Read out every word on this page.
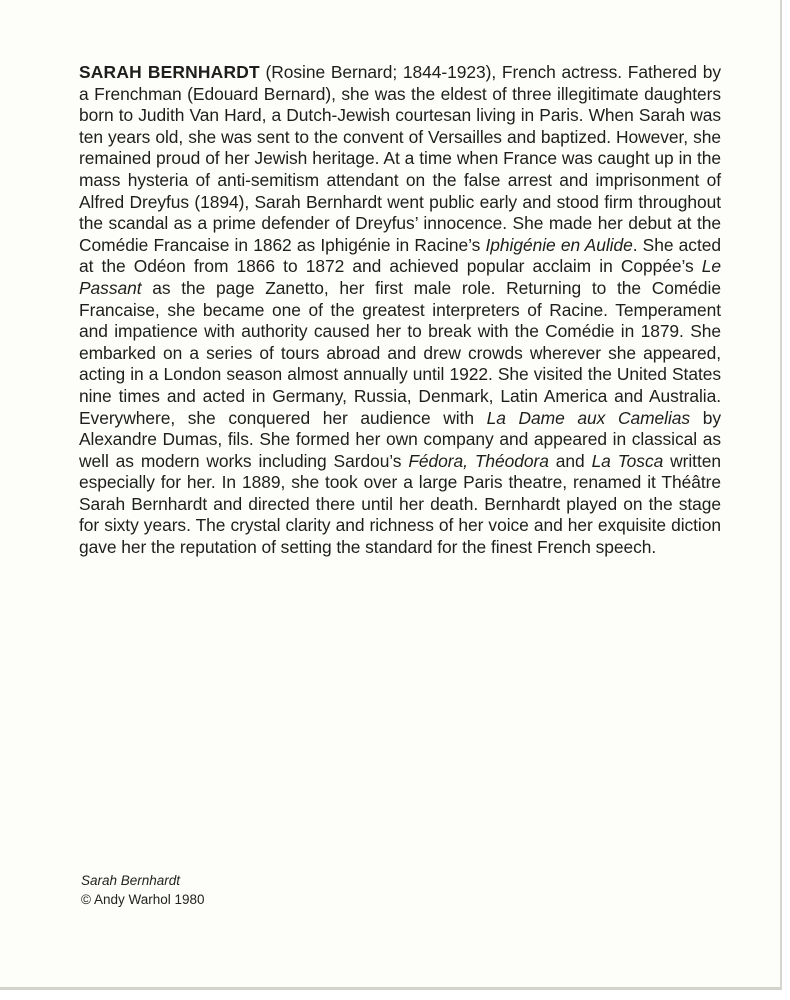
SARAH BERNHARDT (Rosine Bernard; 1844-1923), French actress. Fathered by a Frenchman (Edouard Bernard), she was the eldest of three illegitimate daughters born to Judith Van Hard, a Dutch-Jewish courtesan living in Paris. When Sarah was ten years old, she was sent to the convent of Versailles and baptized. However, she remained proud of her Jewish heritage. At a time when France was caught up in the mass hysteria of anti-semitism attendant on the false arrest and imprisonment of Alfred Dreyfus (1894), Sarah Bernhardt went public early and stood firm throughout the scandal as a prime defender of Dreyfus’ innocence. She made her debut at the Comédie Francaise in 1862 as Iphigénie in Racine’s Iphigénie en Aulide. She acted at the Odéon from 1866 to 1872 and achieved popular acclaim in Coppée’s Le Passant as the page Zanetto, her first male role. Returning to the Comédie Francaise, she became one of the greatest interpreters of Racine. Temperament and impatience with authority caused her to break with the Comédie in 1879. She embarked on a series of tours abroad and drew crowds wherever she appeared, acting in a London season almost annually until 1922. She visited the United States nine times and acted in Germany, Russia, Denmark, Latin America and Australia. Everywhere, she conquered her audience with La Dame aux Camelias by Alexandre Dumas, fils. She formed her own company and appeared in classical as well as modern works including Sardou’s Fédora, Théodora and La Tosca written especially for her. In 1889, she took over a large Paris theatre, renamed it Théâtre Sarah Bernhardt and directed there until her death. Bernhardt played on the stage for sixty years. The crystal clarity and richness of her voice and her exquisite diction gave her the reputation of setting the standard for the finest French speech.

Sarah Bernhardt
© Andy Warhol 1980
